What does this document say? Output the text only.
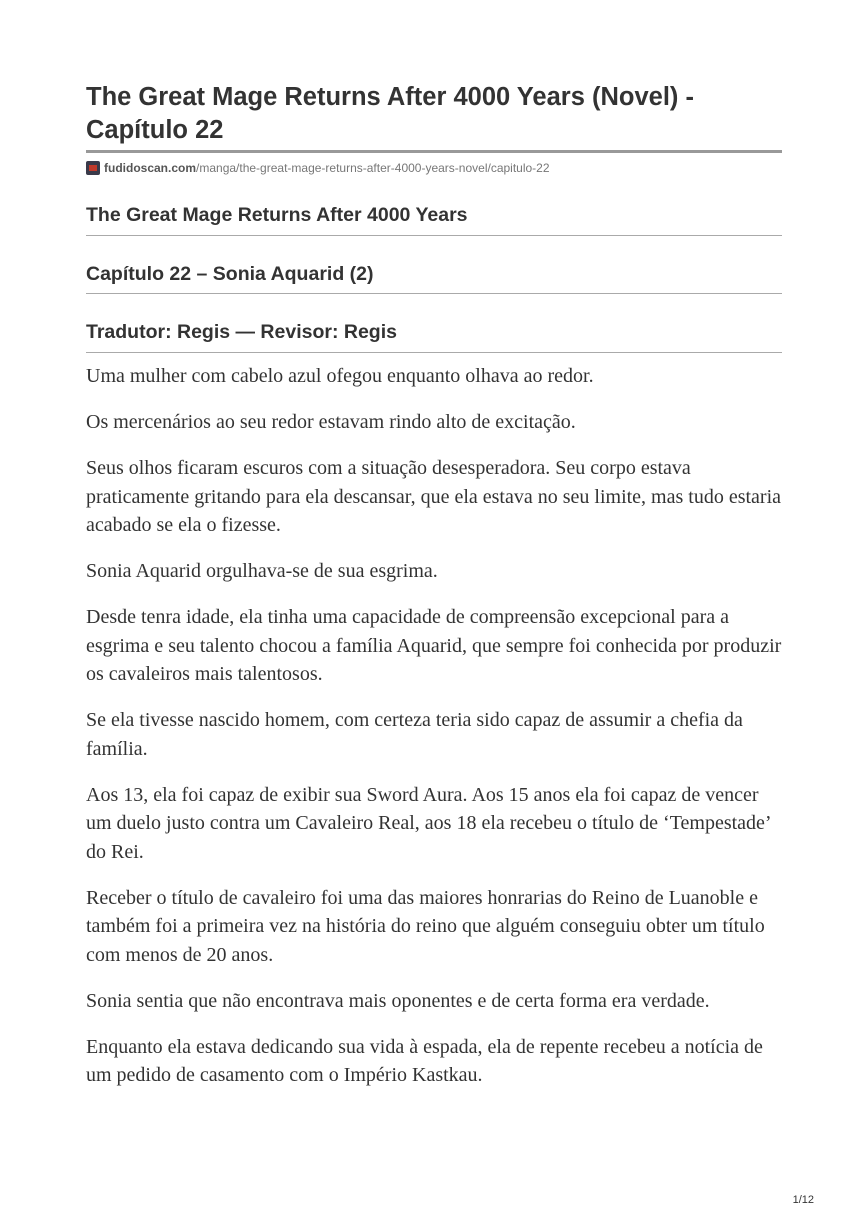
The Great Mage Returns After 4000 Years (Novel) - Capítulo 22
fudidoscan.com /manga/the-great-mage-returns-after-4000-years-novel/capitulo-22
The Great Mage Returns After 4000 Years
Capítulo 22 – Sonia Aquarid (2)
Tradutor: Regis — Revisor: Regis

Uma mulher com cabelo azul ofegou enquanto olhava ao redor.

Os mercenários ao seu redor estavam rindo alto de excitação.

Seus olhos ficaram escuros com a situação desesperadora. Seu corpo estava praticamente gritando para ela descansar, que ela estava no seu limite, mas tudo estaria acabado se ela o fizesse.

Sonia Aquarid orgulhava-se de sua esgrima.

Desde tenra idade, ela tinha uma capacidade de compreensão excepcional para a esgrima e seu talento chocou a família Aquarid, que sempre foi conhecida por produzir os cavaleiros mais talentosos.

Se ela tivesse nascido homem, com certeza teria sido capaz de assumir a chefia da família.

Aos 13, ela foi capaz de exibir sua Sword Aura. Aos 15 anos ela foi capaz de vencer um duelo justo contra um Cavaleiro Real, aos 18 ela recebeu o título de ‘Tempestade’ do Rei.

Receber o título de cavaleiro foi uma das maiores honrarias do Reino de Luanoble e também foi a primeira vez na história do reino que alguém conseguiu obter um título com menos de 20 anos.

Sonia sentia que não encontrava mais oponentes e de certa forma era verdade.

Enquanto ela estava dedicando sua vida à espada, ela de repente recebeu a notícia de um pedido de casamento com o Império Kastkau.

1/12
